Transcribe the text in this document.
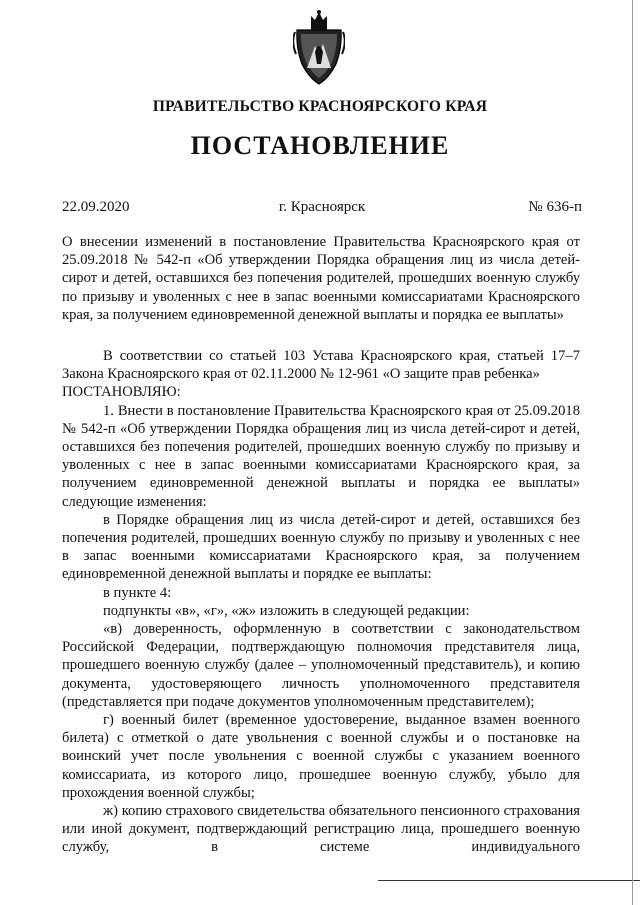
ПРАВИТЕЛЬСТВО КРАСНОЯРСКОГО КРАЯ
ПОСТАНОВЛЕНИЕ
22.09.2020	г. Красноярск	№ 636-п
О внесении изменений в постановление Правительства Красноярского края от 25.09.2018 № 542-п «Об утверждении Порядка обращения лиц из числа детей-сирот и детей, оставшихся без попечения родителей, прошедших военную службу по призыву и уволенных с нее в запас военными комиссариатами Красноярского края, за получением единовременной денежной выплаты и порядка ее выплаты»
В соответствии со статьей 103 Устава Красноярского края, статьей 17–7 Закона Красноярского края от 02.11.2000 № 12-961 «О защите прав ребенка»
ПОСТАНОВЛЯЮ:
1. Внести в постановление Правительства Красноярского края от 25.09.2018 № 542-п «Об утверждении Порядка обращения лиц из числа детей-сирот и детей, оставшихся без попечения родителей, прошедших военную службу по призыву и уволенных с нее в запас военными комиссариатами Красноярского края, за получением единовременной денежной выплаты и порядка ее выплаты» следующие изменения:
в Порядке обращения лиц из числа детей-сирот и детей, оставшихся без попечения родителей, прошедших военную службу по призыву и уволенных с нее в запас военными комиссариатами Красноярского края, за получением единовременной денежной выплаты и порядке ее выплаты:
в пункте 4:
подпункты «в», «г», «ж» изложить в следующей редакции:
«в) доверенность, оформленную в соответствии с законодательством Российской Федерации, подтверждающую полномочия представителя лица, прошедшего военную службу (далее – уполномоченный представитель), и копию документа, удостоверяющего личность уполномоченного представителя (представляется при подаче документов уполномоченным представителем);
г) военный билет (временное удостоверение, выданное взамен военного билета) с отметкой о дате увольнения с военной службы и о постановке на воинский учет после увольнения с военной службы с указанием военного комиссариата, из которого лицо, прошедшее военную службу, убыло для прохождения военной службы;
ж) копию страхового свидетельства обязательного пенсионного страхования или иной документ, подтверждающий регистрацию лица, прошедшего военную службу, в системе индивидуального
